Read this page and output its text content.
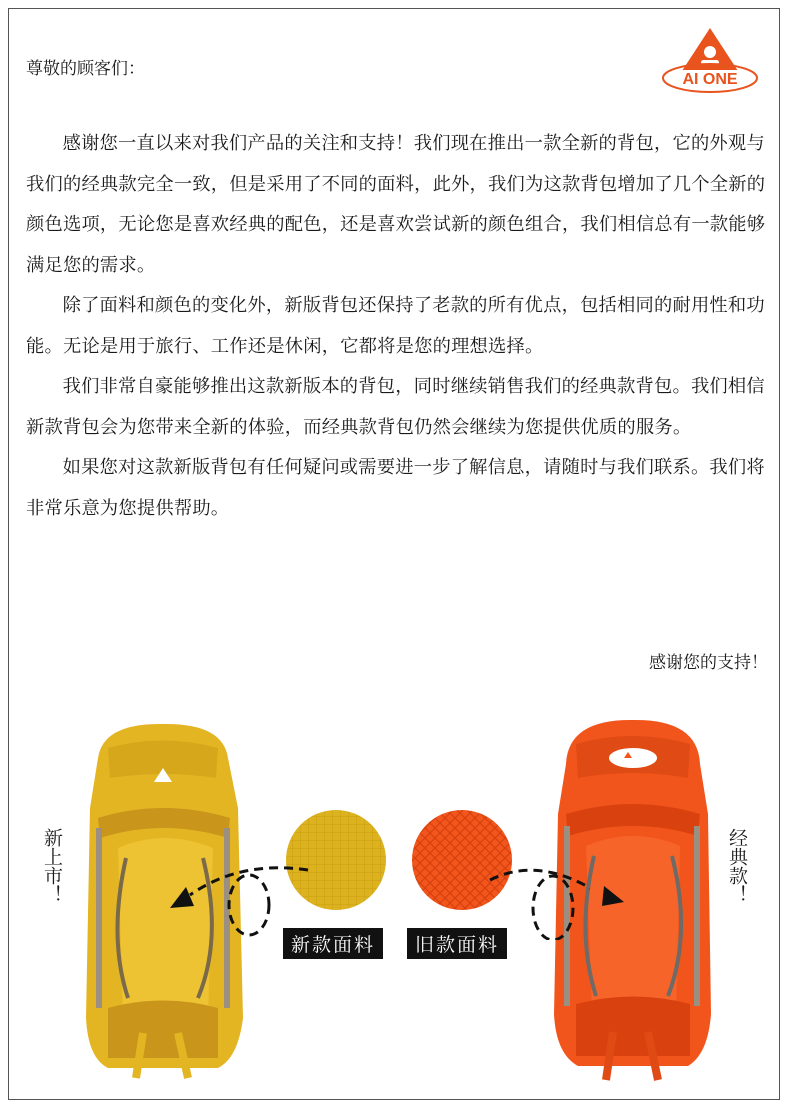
尊敬的顾客们：
AI ONE

感谢您一直以来对我们产品的关注和支持！我们现在推出一款全新的背包，它的外观与我们的经典款完全一致，但是采用了不同的面料，此外，我们为这款背包增加了几个全新的颜色选项，无论您是喜欢经典的配色，还是喜欢尝试新的颜色组合，我们相信总有一款能够满足您的需求。

除了面料和颜色的变化外，新版背包还保持了老款的所有优点，包括相同的耐用性和功能。无论是用于旅行、工作还是休闲，它都将是您的理想选择。

我们非常自豪能够推出这款新版本的背包，同时继续销售我们的经典款背包。我们相信新款背包会为您带来全新的体验，而经典款背包仍然会继续为您提供优质的服务。

如果您对这款新版背包有任何疑问或需要进一步了解信息，请随时与我们联系。我们将非常乐意为您提供帮助。

感谢您的支持！
新上市！	经典款！
新款面料	旧款面料
